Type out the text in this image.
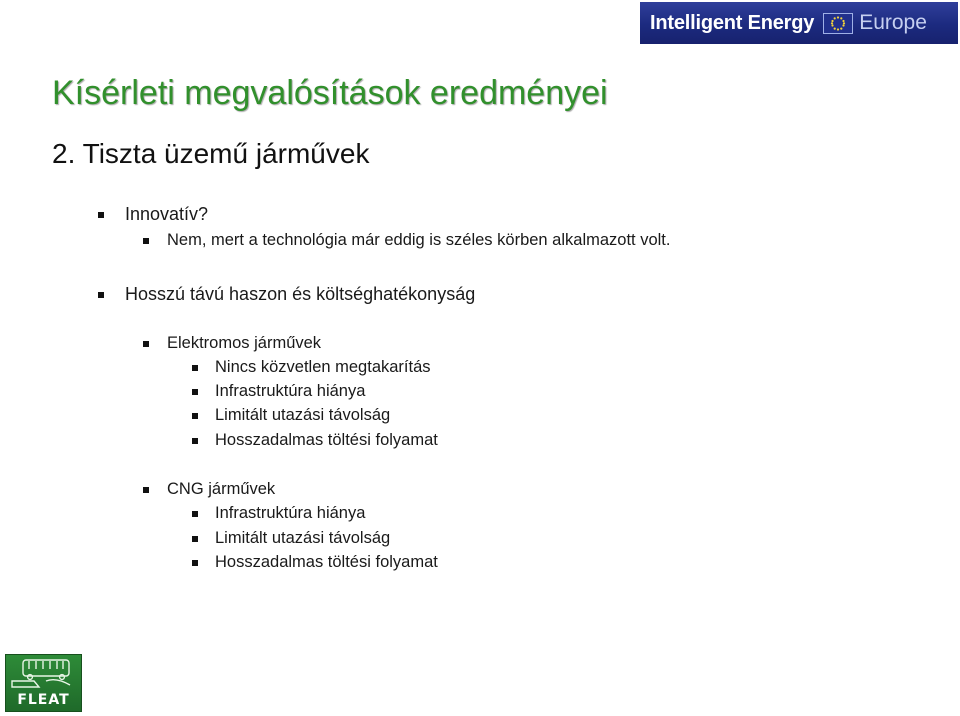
Intelligent Energy Europe
Kísérleti megvalósítások eredményei
2. Tiszta üzemű járművek
Innovatív?
Nem, mert a technológia már eddig is széles körben alkalmazott volt.
Hosszú távú haszon és költséghatékonyság
Elektromos járművek
Nincs közvetlen megtakarítás
Infrastruktúra hiánya
Limitált utazási távolság
Hosszadalmas töltési folyamat
CNG járművek
Infrastruktúra hiánya
Limitált utazási távolság
Hosszadalmas töltési folyamat
FLEAT
